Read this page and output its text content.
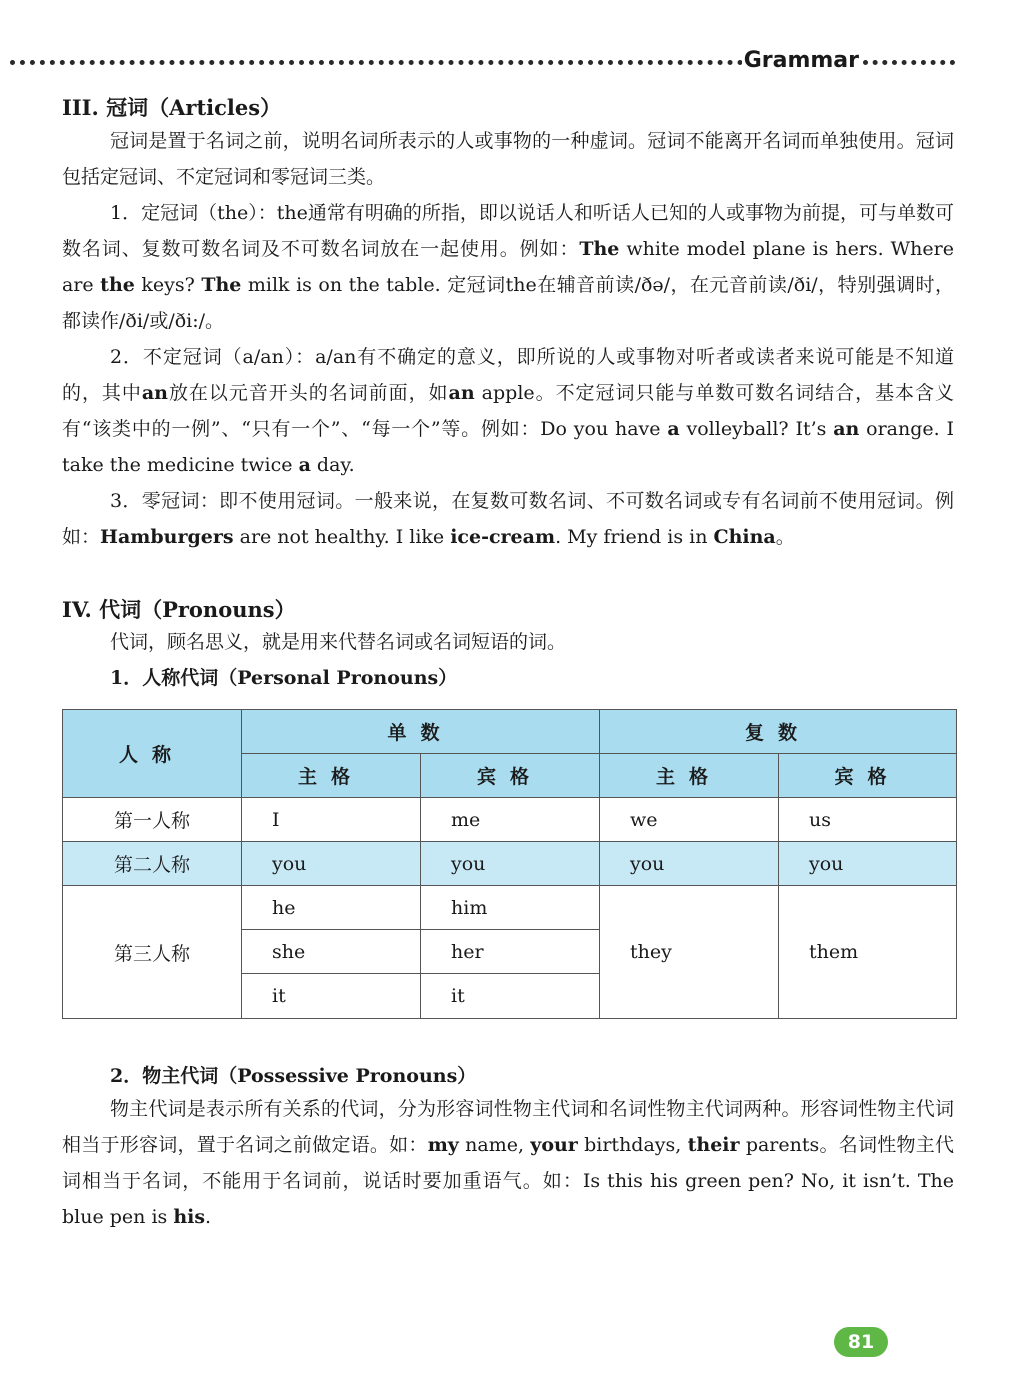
Grammar
III. 冠词（Articles）

冠词是置于名词之前，说明名词所表示的人或事物的一种虚词。冠词不能离开名词而单独使用。冠词包括定冠词、不定冠词和零冠词三类。

1．定冠词（the）：the通常有明确的所指，即以说话人和听话人已知的人或事物为前提，可与单数可数名词、复数可数名词及不可数名词放在一起使用。例如：The white model plane is hers. Where are the keys? The milk is on the table. 定冠词the在辅音前读/ðə/，在元音前读/ði/，特别强调时，都读作/ði/或/ði:/。

2．不定冠词（a/an）：a/an有不确定的意义，即所说的人或事物对听者或读者来说可能是不知道的，其中an放在以元音开头的名词前面，如an apple。不定冠词只能与单数可数名词结合，基本含义有“该类中的一例”、“只有一个”、“每一个”等。例如：Do you have a volleyball? It’s an orange. I take the medicine twice a day.

3．零冠词：即不使用冠词。一般来说，在复数可数名词、不可数名词或专有名词前不使用冠词。例如：Hamburgers are not healthy. I like ice-cream. My friend is in China。

IV. 代词（Pronouns）

代词，顾名思义，就是用来代替名词或名词短语的词。

1．人称代词（Personal Pronouns）
人称	单数		复数	
	主格	宾格	主格	宾格
第一人称	I	me	we	us
第二人称	you	you	you	you
第三人称	he	him	they	them
	she	her		
	it	it		
2．物主代词（Possessive Pronouns）

物主代词是表示所有关系的代词，分为形容词性物主代词和名词性物主代词两种。形容词性物主代词相当于形容词，置于名词之前做定语。如：my name, your birthdays, their parents。名词性物主代词相当于名词，不能用于名词前，说话时要加重语气。如：Is this his green pen? No, it isn’t. The blue pen is his.

81
